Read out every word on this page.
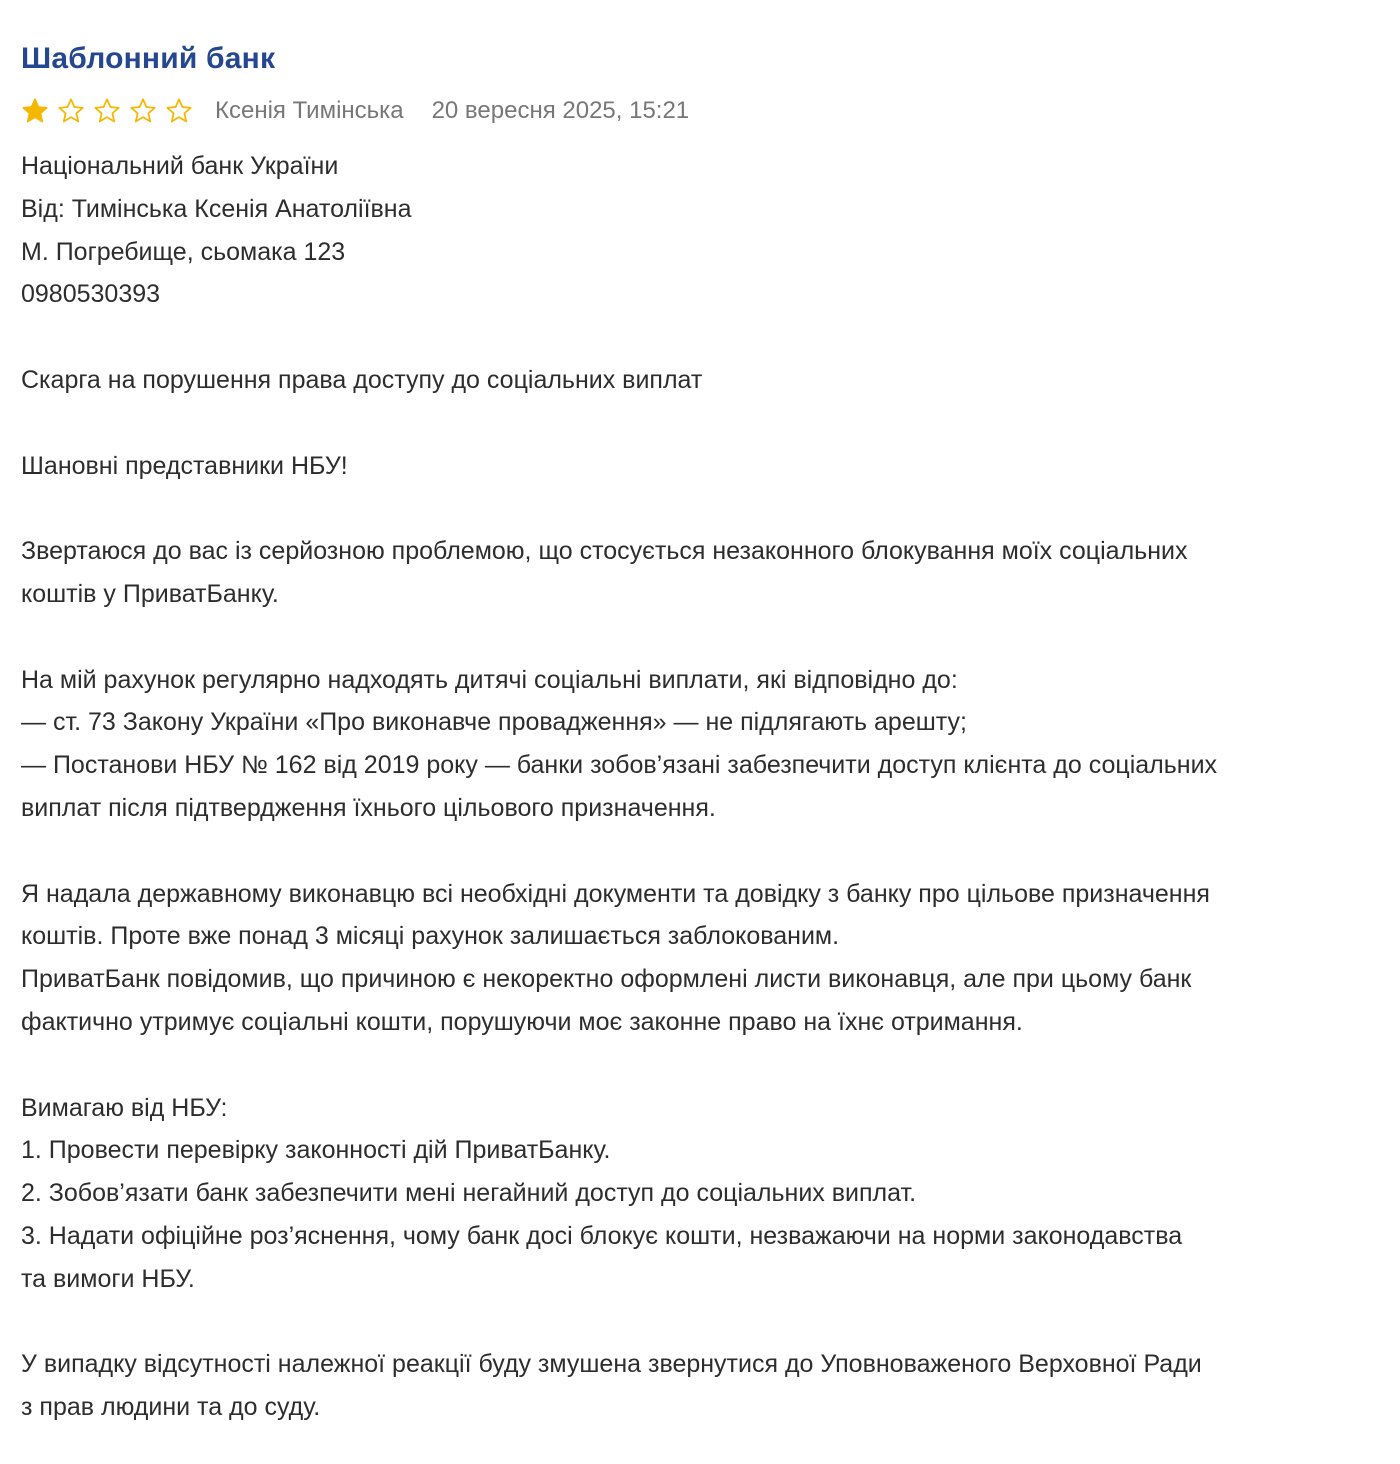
Шаблонний банк
Ксенія Тимінська 20 вересня 2025, 15:21
Національний банк України
Від: Тимінська Ксенія Анатоліївна
М. Погребище, сьомака 123
0980530393
Скарга на порушення права доступу до соціальних виплат
Шановні представники НБУ!
Звертаюся до вас із серйозною проблемою, що стосується незаконного блокування моїх соціальних
коштів у ПриватБанку.
На мій рахунок регулярно надходять дитячі соціальні виплати, які відповідно до:
— ст. 73 Закону України «Про виконавче провадження» — не підлягають арешту;
— Постанови НБУ № 162 від 2019 року — банки зобов’язані забезпечити доступ клієнта до соціальних
виплат після підтвердження їхнього цільового призначення.
Я надала державному виконавцю всі необхідні документи та довідку з банку про цільове призначення
коштів. Проте вже понад 3 місяці рахунок залишається заблокованим.
ПриватБанк повідомив, що причиною є некоректно оформлені листи виконавця, але при цьому банк
фактично утримує соціальні кошти, порушуючи моє законне право на їхнє отримання.
Вимагаю від НБУ:
1. Провести перевірку законності дій ПриватБанку.
2. Зобов’язати банк забезпечити мені негайний доступ до соціальних виплат.
3. Надати офіційне роз’яснення, чому банк досі блокує кошти, незважаючи на норми законодавства
та вимоги НБУ.
У випадку відсутності належної реакції буду змушена звернутися до Уповноваженого Верховної Ради
з прав людини та до суду.
